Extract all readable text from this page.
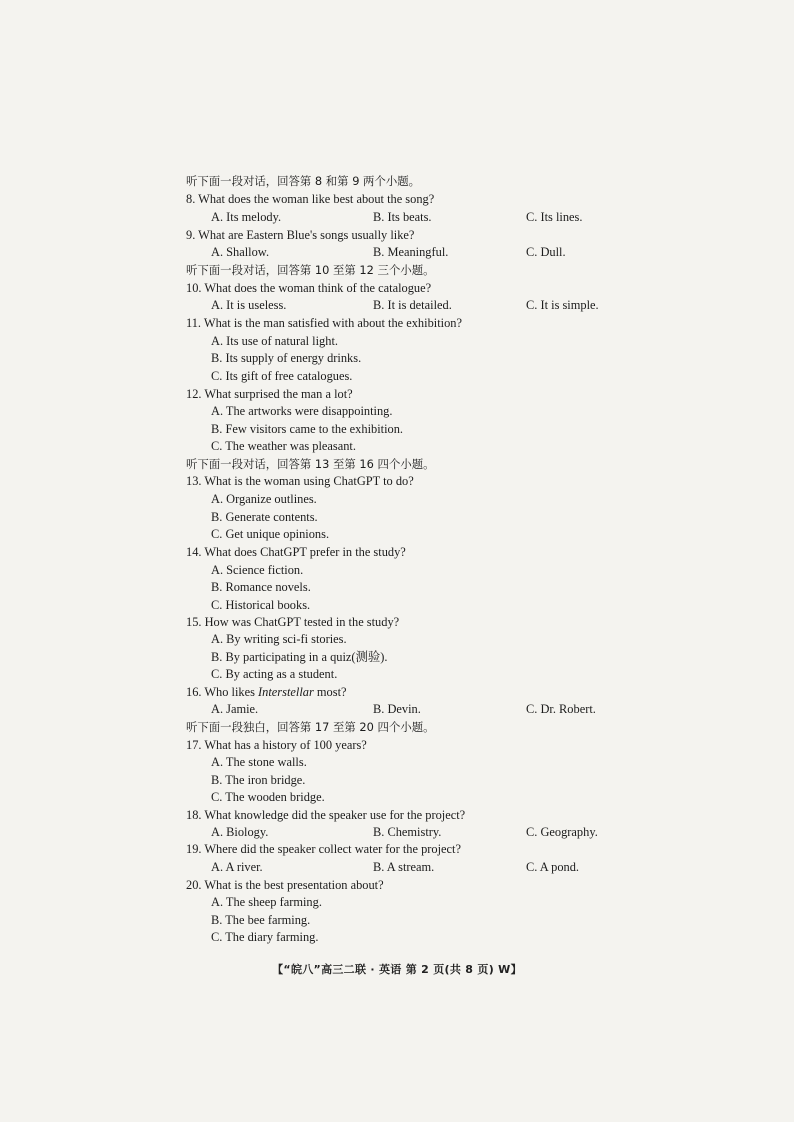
听下面一段对话，回答第 8 和第 9 两个小题。
8. What does the woman like best about the song?
A. Its melody.	B. Its beats.	C. Its lines.
9. What are Eastern Blue's songs usually like?
A. Shallow.	B. Meaningful.	C. Dull.
听下面一段对话，回答第 10 至第 12 三个小题。
10. What does the woman think of the catalogue?
A. It is useless.	B. It is detailed.	C. It is simple.
11. What is the man satisfied with about the exhibition?
A. Its use of natural light.
B. Its supply of energy drinks.
C. Its gift of free catalogues.
12. What surprised the man a lot?
A. The artworks were disappointing.
B. Few visitors came to the exhibition.
C. The weather was pleasant.
听下面一段对话，回答第 13 至第 16 四个小题。
13. What is the woman using ChatGPT to do?
A. Organize outlines.
B. Generate contents.
C. Get unique opinions.
14. What does ChatGPT prefer in the study?
A. Science fiction.
B. Romance novels.
C. Historical books.
15. How was ChatGPT tested in the study?
A. By writing sci-fi stories.
B. By participating in a quiz(测验).
C. By acting as a student.
16. Who likes Interstellar most?
A. Jamie.	B. Devin.	C. Dr. Robert.
听下面一段独白，回答第 17 至第 20 四个小题。
17. What has a history of 100 years?
A. The stone walls.
B. The iron bridge.
C. The wooden bridge.
18. What knowledge did the speaker use for the project?
A. Biology.	B. Chemistry.	C. Geography.
19. Where did the speaker collect water for the project?
A. A river.	B. A stream.	C. A pond.
20. What is the best presentation about?
A. The sheep farming.
B. The bee farming.
C. The diary farming.
【“皖八”高三二联 · 英语 第 2 页(共 8 页) W】
